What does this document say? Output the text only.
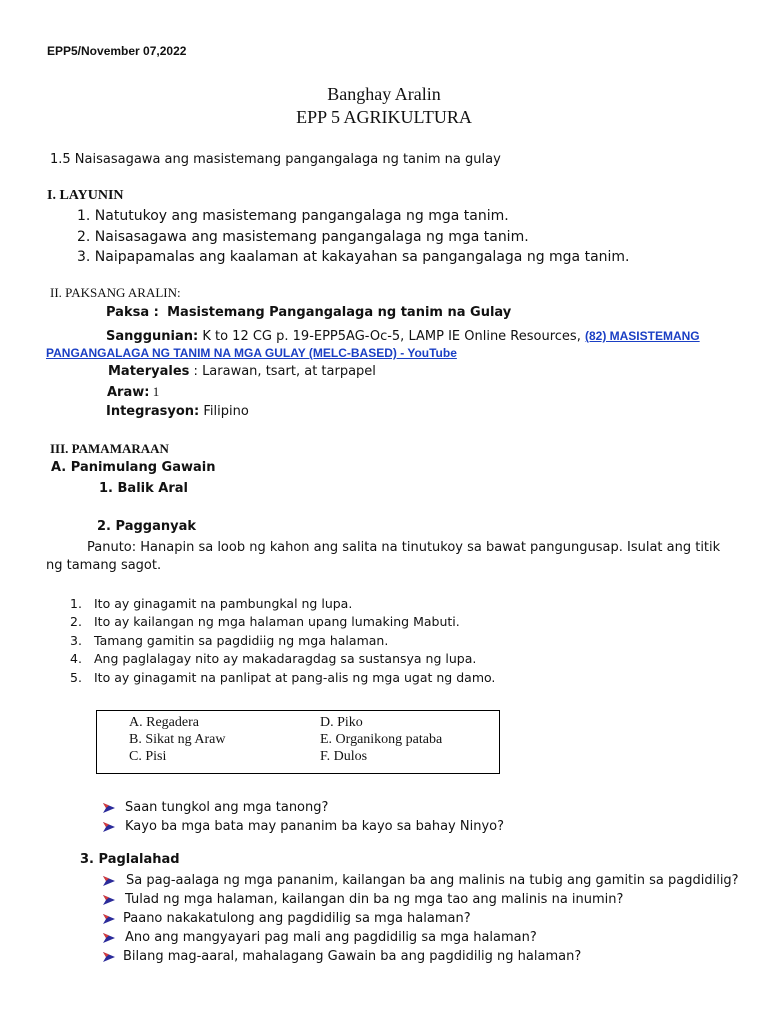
EPP5/November 07,2022
Banghay Aralin
EPP 5 AGRIKULTURA
1.5 Naisasagawa ang masistemang pangangalaga ng tanim na gulay
I. LAYUNIN
1. Natutukoy ang masistemang pangangalaga ng mga tanim.
2. Naisasagawa ang masistemang pangangalaga ng mga tanim.
3. Naipapamalas ang kaalaman at kakayahan sa pangangalaga ng mga tanim.
II. PAKSANG ARALIN:
Paksa : Masistemang Pangangalaga ng tanim na Gulay
Sanggunian: K to 12 CG p. 19-EPP5AG-Oc-5, LAMP IE Online Resources, (82) MASISTEMANG
PANGANGALAGA NG TANIM NA MGA GULAY (MELC-BASED) - YouTube
Materyales : Larawan, tsart, at tarpapel
Araw: 1
Integrasyon: Filipino
III. PAMAMARAAN
A. Panimulang Gawain
1. Balik Aral
2. Pagganyak
Panuto: Hanapin sa loob ng kahon ang salita na tinutukoy sa bawat pangungusap. Isulat ang titik
ng tamang sagot.
1. Ito ay ginagamit na pambungkal ng lupa.
2. Ito ay kailangan ng mga halaman upang lumaking Mabuti.
3. Tamang gamitin sa pagdidiig ng mga halaman.
4. Ang paglalagay nito ay makadaragdag sa sustansya ng lupa.
5. Ito ay ginagamit na panlipat at pang-alis ng mga ugat ng damo.
A. Regadera
B. Sikat ng Araw
C. Pisi
D. Piko
E. Organikong pataba
F. Dulos
Saan tungkol ang mga tanong?
Kayo ba mga bata may pananim ba kayo sa bahay Ninyo?
3. Paglalahad
Sa pag-aalaga ng mga pananim, kailangan ba ang malinis na tubig ang gamitin sa pagdidilig?
Tulad ng mga halaman, kailangan din ba ng mga tao ang malinis na inumin?
Paano nakakatulong ang pagdidilig sa mga halaman?
Ano ang mangyayari pag mali ang pagdidilig sa mga halaman?
Bilang mag-aaral, mahalagang Gawain ba ang pagdidilig ng halaman?
